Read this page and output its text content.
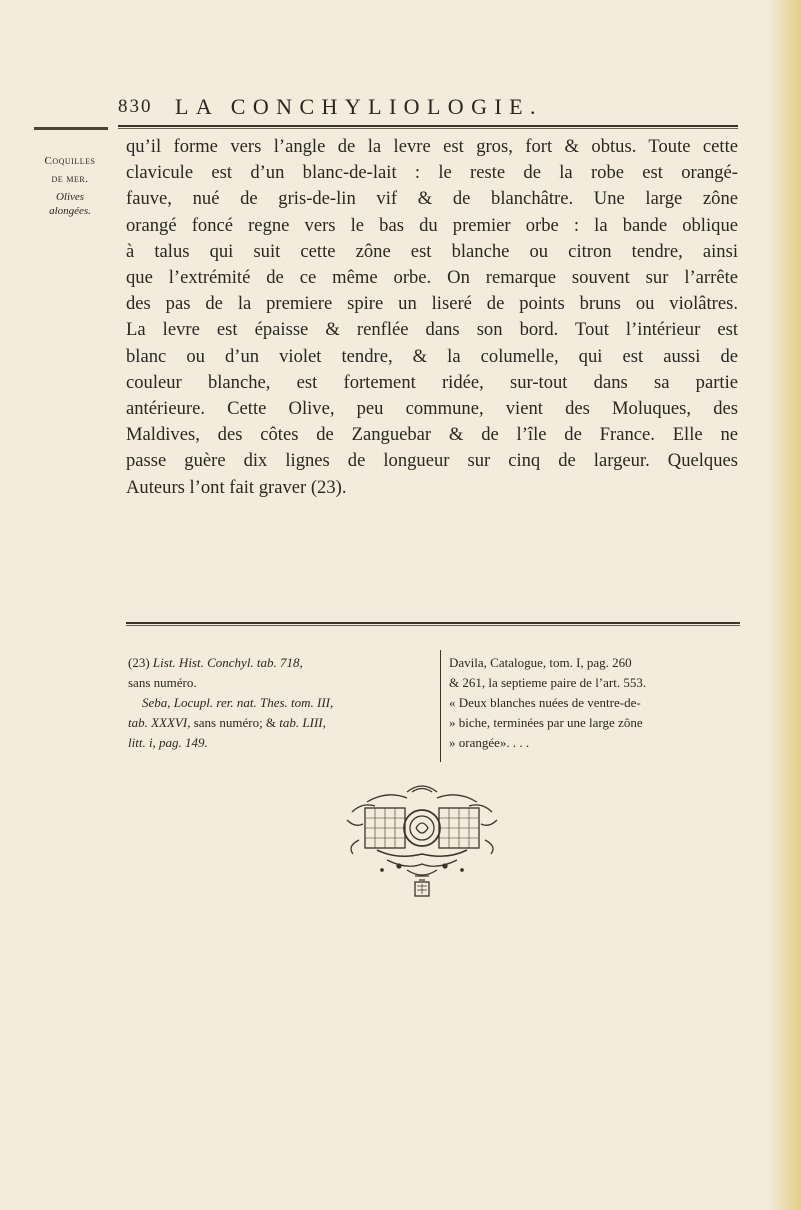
830 LA CONCHYLIOLOGIE.
Coquilles
de mer.
Olives
alongées.

qu’il forme vers l’angle de la levre est gros, fort & obtus. Toute cette
clavicule est d’un blanc-de-lait : le reste de la robe est orangé-
fauve, nué de gris-de-lin vif & de blanchâtre. Une large zône
orangé foncé regne vers le bas du premier orbe : la bande oblique
à talus qui suit cette zône est blanche ou citron tendre, ainsi
que l’extrémité de ce même orbe. On remarque souvent sur l’arrête
des pas de la premiere spire un liseré de points bruns ou violâtres.
La levre est épaisse & renflée dans son bord. Tout l’intérieur est
blanc ou d’un violet tendre, & la columelle, qui est aussi de
couleur blanche, est fortement ridée, sur-tout dans sa partie
antérieure. Cette Olive, peu commune, vient des Moluques, des
Maldives, des côtes de Zanguebar & de l’île de France. Elle ne
passe guère dix lignes de longueur sur cinq de largeur. Quelques
Auteurs l’ont fait graver (23).

(23) List. Hist. Conchyl. tab. 718,
sans numéro.
Seba, Locupl. rer. nat. Thes. tom. III,
tab. XXXVI, sans numéro; & tab. LIII,
litt. i, pag. 149.
Davila, Catalogue, tom. I, pag. 260
& 261, la septieme paire de l’art. 553.
« Deux blanches nuées de ventre-de-
» biche, terminées par une large zône
» orangée». . . .
